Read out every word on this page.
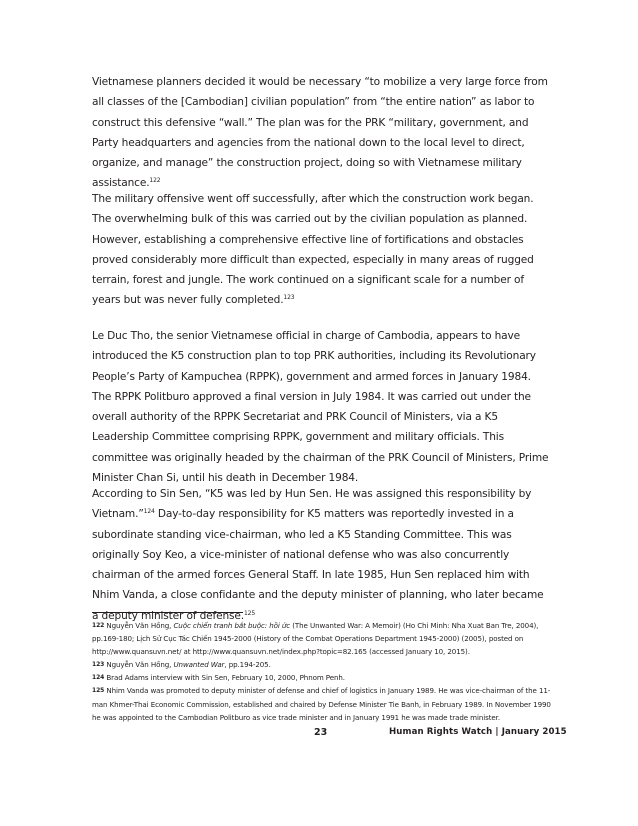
Vietnamese planners decided it would be necessary “to mobilize a very large force from all classes of the [Cambodian] civilian population” from “the entire nation” as labor to construct this defensive “wall.” The plan was for the PRK “military, government, and Party headquarters and agencies from the national down to the local level to direct, organize, and manage” the construction project, doing so with Vietnamese military assistance.$^{122}$

The military offensive went off successfully, after which the construction work began. The overwhelming bulk of this was carried out by the civilian population as planned. However, establishing a comprehensive effective line of fortifications and obstacles proved considerably more difficult than expected, especially in many areas of rugged terrain, forest and jungle. The work continued on a significant scale for a number of years but was never fully completed.$^{123}$

Le Duc Tho, the senior Vietnamese official in charge of Cambodia, appears to have introduced the K5 construction plan to top PRK authorities, including its Revolutionary People’s Party of Kampuchea (RPPK), government and armed forces in January 1984. The RPPK Politburo approved a final version in July 1984. It was carried out under the overall authority of the RPPK Secretariat and PRK Council of Ministers, via a K5 Leadership Committee comprising RPPK, government and military officials. This committee was originally headed by the chairman of the PRK Council of Ministers, Prime Minister Chan Si, until his death in December 1984.

According to Sin Sen, “K5 was led by Hun Sen. He was assigned this responsibility by Vietnam.”$^{124}$ Day-to-day responsibility for K5 matters was reportedly invested in a subordinate standing vice-chairman, who led a K5 Standing Committee. This was originally Soy Keo, a vice-minister of national defense who was also concurrently chairman of the armed forces General Staff. In late 1985, Hun Sen replaced him with Nhim Vanda, a close confidante and the deputy minister of planning, who later became a deputy minister of defense.$^{125}$

122 Nguyễn Văn Hồng, Cuộc chiến tranh bắt buộc: hồi ức (The Unwanted War: A Memoir) (Ho Chi Minh: Nha Xuat Ban Tre, 2004), pp.169-180; Lịch Sử Cục Tác Chiến 1945-2000 (History of the Combat Operations Department 1945-2000) (2005), posted on http://www.quansuvn.net/ at http://www.quansuvn.net/index.php?topic=82.165 (accessed January 10, 2015).

123 Nguyễn Văn Hồng, Unwanted War, pp.194-205.

124 Brad Adams interview with Sin Sen, February 10, 2000, Phnom Penh.

125 Nhim Vanda was promoted to deputy minister of defense and chief of logistics in January 1989. He was vice-chairman of the 11-man Khmer-Thai Economic Commission, established and chaired by Defense Minister Tie Banh, in February 1989. In November 1990 he was appointed to the Cambodian Politburo as vice trade minister and in January 1991 he was made trade minister.

23	Human Rights Watch | January 2015
